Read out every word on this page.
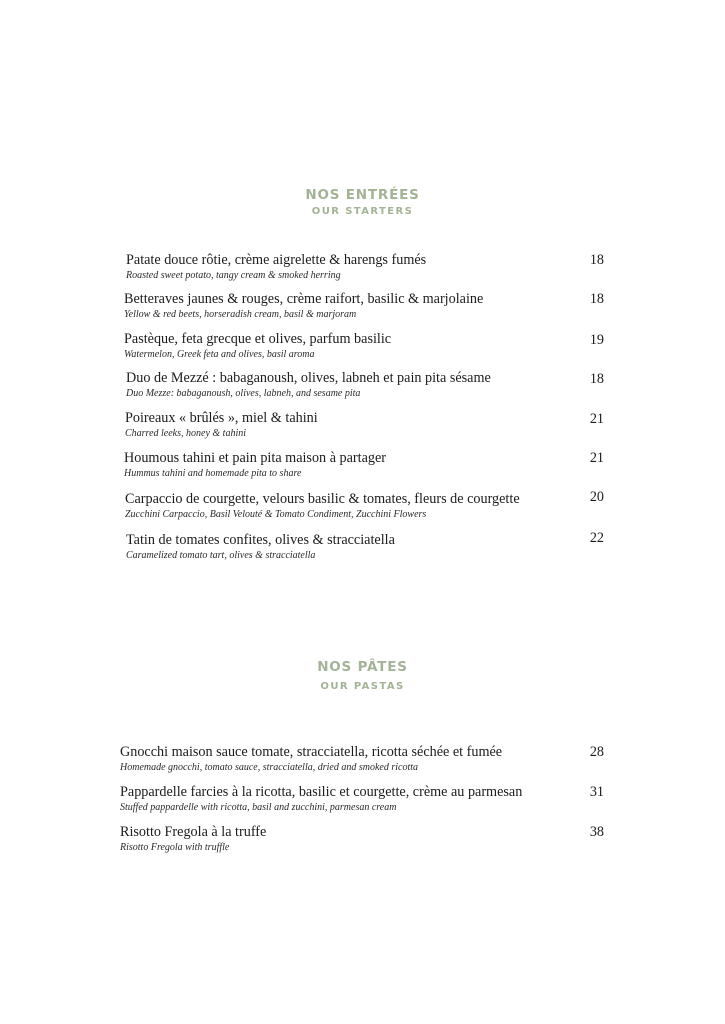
NOS ENTRÉES
OUR STARTERS
Patate douce rôtie, crème aigrelette & harengs fumés
Roasted sweet potato, tangy cream & smoked herring
18
Betteraves jaunes & rouges, crème raifort, basilic & marjolaine
Yellow & red beets, horseradish cream, basil & marjoram
18
Pastèque, feta grecque et olives, parfum basilic
Watermelon, Greek feta and olives, basil aroma
19
Duo de Mezzé : babaganoush, olives, labneh et pain pita sésame
Duo Mezze: babaganoush, olives, labneh, and sesame pita
18
Poireaux « brûlés », miel & tahini
Charred leeks, honey & tahini
21
Houmous tahini et pain pita maison à partager
Hummus tahini and homemade pita to share
21
Carpaccio de courgette, velours basilic & tomates, fleurs de courgette
Zucchini Carpaccio, Basil Velouté & Tomato Condiment, Zucchini Flowers
20
Tatin de tomates confites, olives & stracciatella
Caramelized tomato tart, olives & stracciatella
22
NOS PÂTES
OUR PASTAS
Gnocchi maison sauce tomate, stracciatella, ricotta séchée et fumée
Homemade gnocchi, tomato sauce, stracciatella, dried and smoked ricotta
28
Pappardelle farcies à la ricotta, basilic et courgette, crème au parmesan
Stuffed pappardelle with ricotta, basil and zucchini, parmesan cream
31
Risotto Fregola à la truffe
Risotto Fregola with truffle
38
